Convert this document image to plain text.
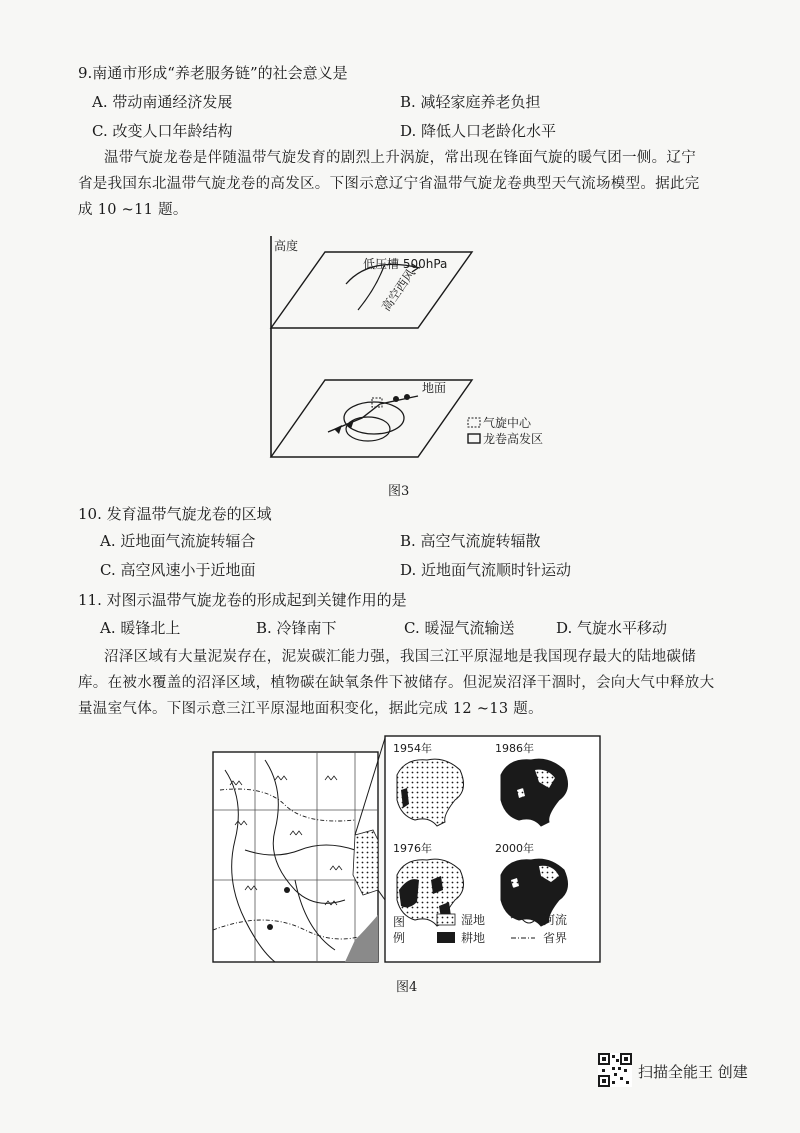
9.南通市形成“养老服务链”的社会意义是
A. 带动南通经济发展	B. 减轻家庭养老负担
C. 改变人口年龄结构	D. 降低人口老龄化水平
温带气旋龙卷是伴随温带气旋发育的剧烈上升涡旋，常出现在锋面气旋的暖气团一侧。辽宁
省是我国东北温带气旋龙卷的高发区。下图示意辽宁省温带气旋龙卷典型天气流场模型。据此完
成 10 ~11 题。
高度
低压槽 500hPa
高空西风
地面
气旋中心
龙卷高发区
图3
10. 发育温带气旋龙卷的区域
A. 近地面气流旋转辐合	B. 高空气流旋转辐散
C. 高空风速小于近地面	D. 近地面气流顺时针运动
11. 对图示温带气旋龙卷的形成起到关键作用的是
A. 暖锋北上	B. 冷锋南下	C. 暖湿气流输送	D. 气旋水平移动
沼泽区域有大量泥炭存在，泥炭碳汇能力强，我国三江平原湿地是我国现存最大的陆地碳储
库。在被水覆盖的沼泽区域，植物碳在缺氧条件下被储存。但泥炭沼泽干涸时，会向大气中释放大
量温室气体。下图示意三江平原湿地面积变化，据此完成 12 ~13 题。
1954年	1986年
1976年	2000年
图
例
湿地
耕地
河流
省界
图4
扫描全能王 创建
